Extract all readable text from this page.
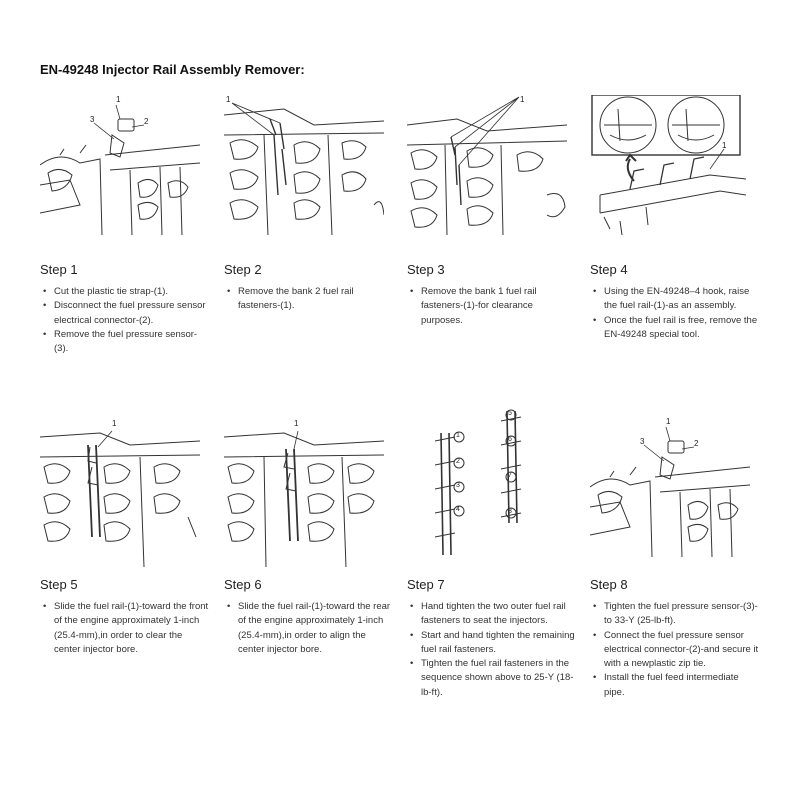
EN-49248 Injector Rail Assembly Remover:
1
2
3
Step 1
• Cut the plastic tie strap-(1).
• Disconnect the fuel pressure sensor electrical connector-(2).
• Remove the fuel pressure sensor-(3).
1
Step 2
• Remove the bank 2 fuel rail fasteners-(1).
1
Step 3
• Remove the bank 1 fuel rail fasteners-(1)-for clearance purposes.
1
Step 4
• Using the EN-49248–4 hook, raise the fuel rail-(1)-as an assembly.
• Once the fuel rail is free, remove the EN-49248 special tool.
1
Step 5
• Slide the fuel rail-(1)-toward the front of the engine approximately 1-inch (25.4-mm),in order to clear the center injector bore.
1
Step 6
• Slide the fuel rail-(1)-toward the rear of the engine approximately 1-inch (25.4-mm),in order to align the center injector bore.
1
2
3
4
5
6
7
8
Step 7
• Hand tighten the two outer fuel rail fasteners to seat the injectors.
• Start and hand tighten the remaining fuel rail fasteners.
• Tighten the fuel rail fasteners in the sequence shown above to 25-Y (18-lb-ft).
1
2
3
Step 8
• Tighten the fuel pressure sensor-(3)-to 33-Y (25-lb-ft).
• Connect the fuel pressure sensor electrical connector-(2)-and secure it with a newplastic zip tie.
• Install the fuel feed intermediate pipe.
